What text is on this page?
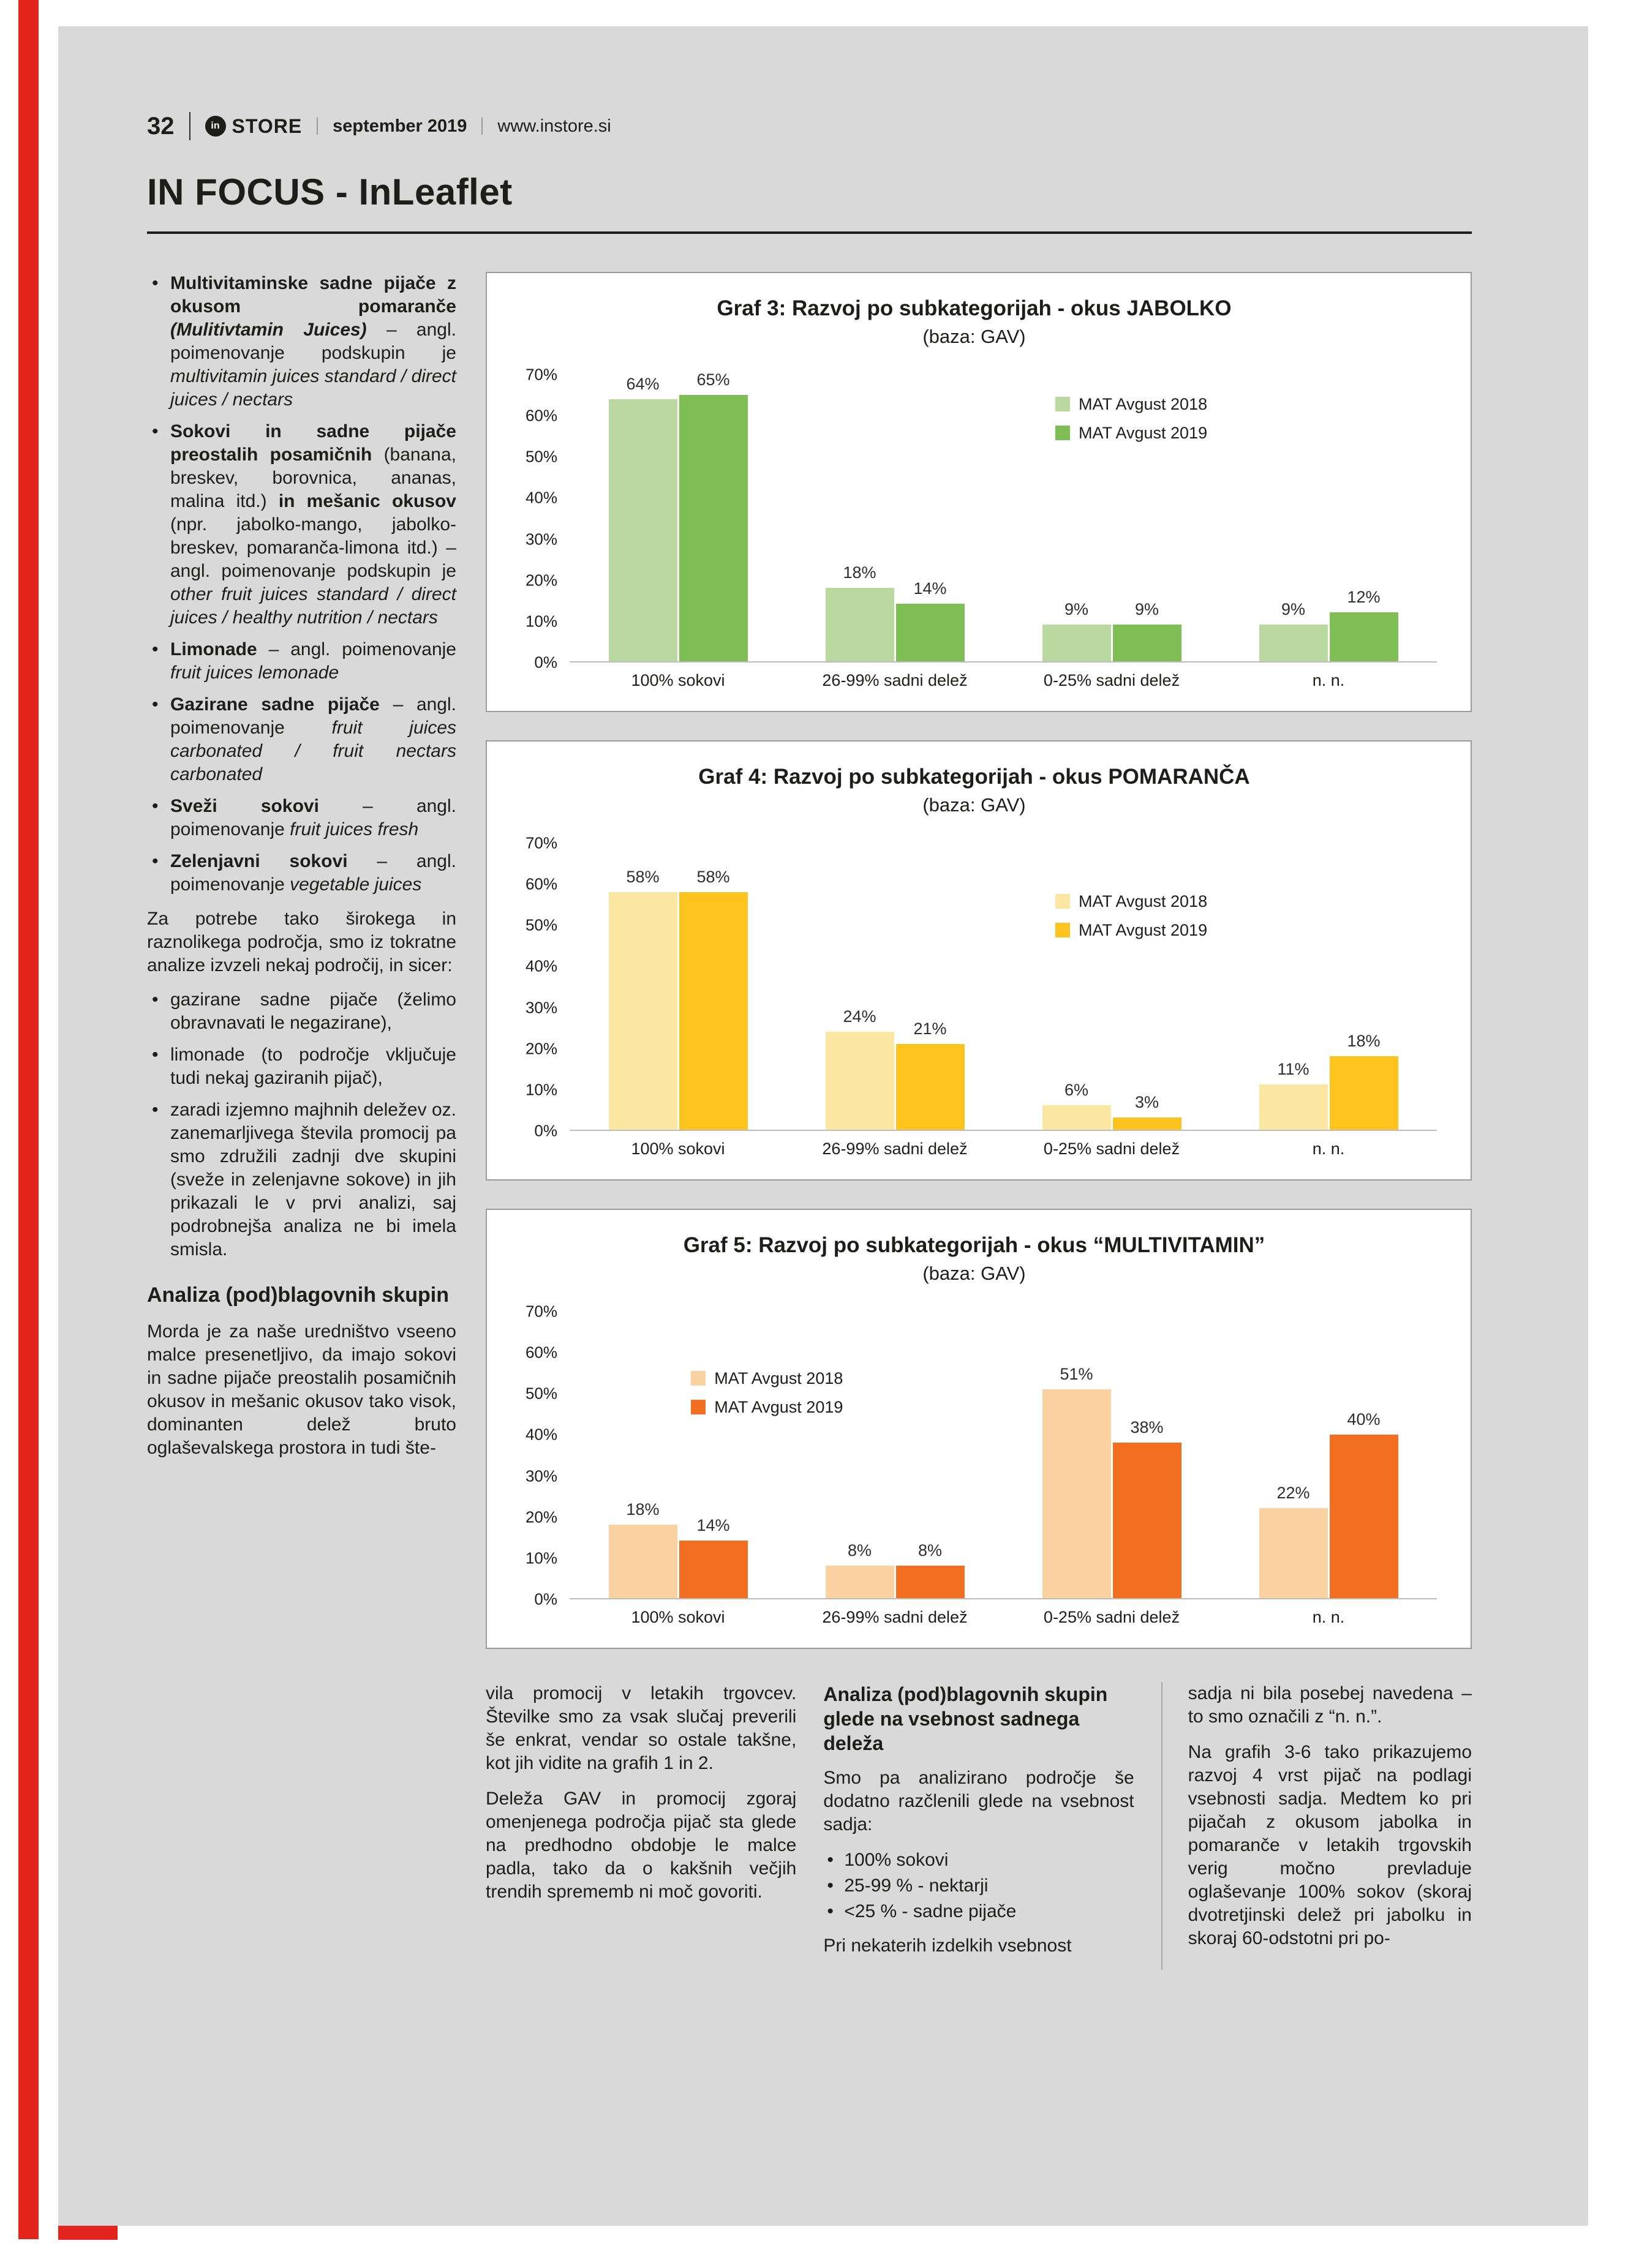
32	in STORE september 2019 www.instore.si
IN FOCUS - InLeaflet
• Multivitaminske sadne pijače z okusom pomaranče (Mulitivtamin Juices) – angl. poimenovanje podskupin je multivitamin juices standard / direct juices / nectars
• Sokovi in sadne pijače preostalih posamičnih (banana, breskev, borovnica, ananas, malina itd.) in mešanic okusov (npr. jabolko-mango, jabolko-breskev, pomaranča-limona itd.) – angl. poimenovanje podskupin je other fruit juices standard / direct juices / healthy nutrition / nectars
• Limonade – angl. poimenovanje fruit juices lemonade
• Gazirane sadne pijače – angl. poimenovanje fruit juices carbonated / fruit nectars carbonated
• Sveži sokovi – angl. poimenovanje fruit juices fresh
• Zelenjavni sokovi – angl. poimenovanje vegetable juices

Za potrebe tako širokega in raznolikega področja, smo iz tokratne analize izvzeli nekaj področij, in sicer:

• gazirane sadne pijače (želimo obravnavati le negazirane),
• limonade (to področje vključuje tudi nekaj gaziranih pijač),
• zaradi izjemno majhnih deležev oz. zanemarljivega števila promocij pa smo združili zadnji dve skupini (sveže in zelenjavne sokove) in jih prikazali le v prvi analizi, saj podrobnejša analiza ne bi imela smisla.
Analiza (pod)blagovnih skupin

Morda je za naše uredništvo vseeno malce presenetljivo, da imajo sokovi in sadne pijače preostalih posamičnih okusov in mešanic okusov tako visok, dominanten delež bruto oglaševalskega prostora in tudi šte-

Graf 3: Razvoj po subkategorijah - okus JABOLKO
(baza: GAV)
0%
10%
20%
30%
40%
50%
60%
70%
MAT Avgust 2018
MAT Avgust 2019
64% 65%
18%
14%
9%	9%	9%
12%
100% sokovi	26-99% sadni delež	0-25% sadni delež	n. n.
Graf 4: Razvoj po subkategorijah - okus POMARANČA
(baza: GAV)
0%
10%
20%
30%
40%
50%
60%
70%
MAT Avgust 2018
MAT Avgust 2019
58% 58%
24%
21%
6%
3%
11%
18%
100% sokovi	26-99% sadni delež	0-25% sadni delež	n. n.
Graf 5: Razvoj po subkategorijah - okus “MULTIVITAMIN”
(baza: GAV)
0%
10%
20%
30%
40%
50%
60%
70%
MAT Avgust 2018
MAT Avgust 2019
18%
14%
8%	8%
51%
38%
22%
40%
100% sokovi	26-99% sadni delež	0-25% sadni delež	n. n.

vila promocij v letakih trgovcev. Številke smo za vsak slučaj preverili še enkrat, vendar so ostale takšne, kot jih vidite na grafih 1 in 2.

Deleža GAV in promocij zgoraj omenjenega področja pijač sta glede na predhodno obdobje le malce padla, tako da o kakšnih večjih trendih sprememb ni moč govoriti.

Analiza (pod)blagovnih skupin glede na vsebnost sadnega deleža

Smo pa analizirano področje še dodatno razčlenili glede na vsebnost sadja:

• 100% sokovi
• 25-99 % - nektarji
• <25 % - sadne pijače

Pri nekaterih izdelkih vsebnost

sadja ni bila posebej navedena – to smo označili z “n. n.”.

Na grafih 3-6 tako prikazujemo razvoj 4 vrst pijač na podlagi vsebnosti sadja. Medtem ko pri pijačah z okusom jabolka in pomaranče v letakih trgovskih verig močno prevladuje oglaševanje 100% sokov (skoraj dvotretjinski delež pri jabolku in skoraj 60-odstotni pri po-
